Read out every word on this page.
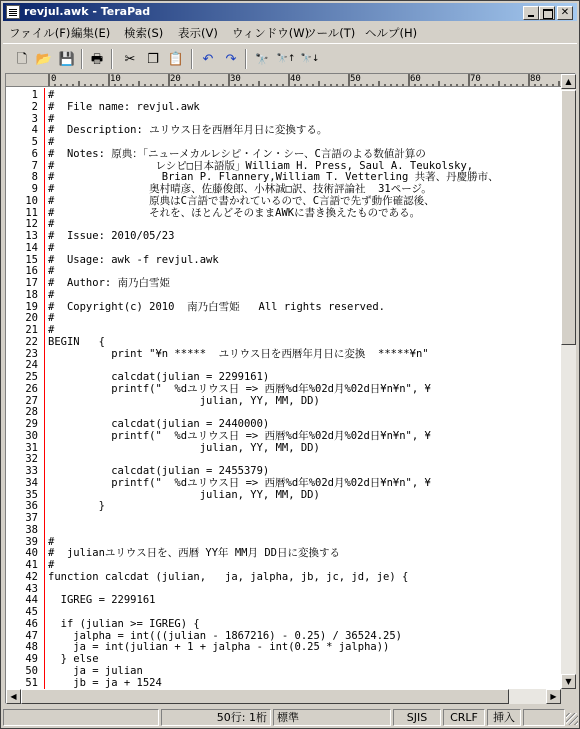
revjul.awk - TeraPad	✕
ファイル(F) 編集(E) 検索(S) 表示(V) ウィンドウ(W)
ツール(T) ヘルプ(H)
🗋 📂 💾	🖶	✂ ❐ 📋	↶ ↷	🔭 🔭↑ 🔭↓
0	10	20	30	40	50	60	70	80
1 #
2 #  File name: revjul.awk
3 #
4 #  Description: ユリウス日を西暦年月日に変換する。
5 #
6 #  Notes: 原典：「ニューメカルレシピ・イン・シー、C言語のよる数値計算の
7 #                レシピ□日本語版」William H. Press, Saul A. Teukolsky,
8 #                 Brian P. Flannery,William T. Vetterling 共著、丹慶勝市、
9 #               奥村晴彦、佐藤俊郎、小林誠□訳、技術評論社  31ページ。
10 #               原典はC言語で書かれているので、C言語で先ず動作確認後、
11 #               それを、ほとんどそのままAWKに書き換えたものである。
12 #
13 #  Issue: 2010/05/23
14 #
15 #  Usage: awk -f revjul.awk
16 #
17 #  Author: 南乃白雪姫
18 #
19 #  Copyright(c) 2010  南乃白雪姫   All rights reserved.
20 #
21 #
22 BEGIN   {
23 print "¥n *****  ユリウス日を西暦年月日に変換  *****¥n"
24
25 calcdat(julian = 2299161)
26 printf("  %dユリウス日 => 西暦%d年%02d月%02d日¥n¥n", ¥
27 julian, YY, MM, DD)
28
29 calcdat(julian = 2440000)
30 printf("  %dユリウス日 => 西暦%d年%02d月%02d日¥n¥n", ¥
31 julian, YY, MM, DD)
32
33 calcdat(julian = 2455379)
34 printf("  %dユリウス日 => 西暦%d年%02d月%02d日¥n¥n", ¥
35 julian, YY, MM, DD)
36 }
37
38
39 #
40 #  julianユリウス日を、西暦 YY年 MM月 DD日に変換する
41 #
42 function calcdat (julian,   ja, jalpha, jb, jc, jd, je) {
43
44 IGREG = 2299161
45
46 if (julian >= IGREG) {
47 jalpha = int(((julian - 1867216) - 0.25) / 36524.25)
48 ja = int(julian + 1 + jalpha - int(0.25 * jalpha))
49 } else
50 ja = julian
51 jb = ja + 1524
▲
▼
◀	▶
50行: 1桁 標準	SJIS	CRLF	挿入
